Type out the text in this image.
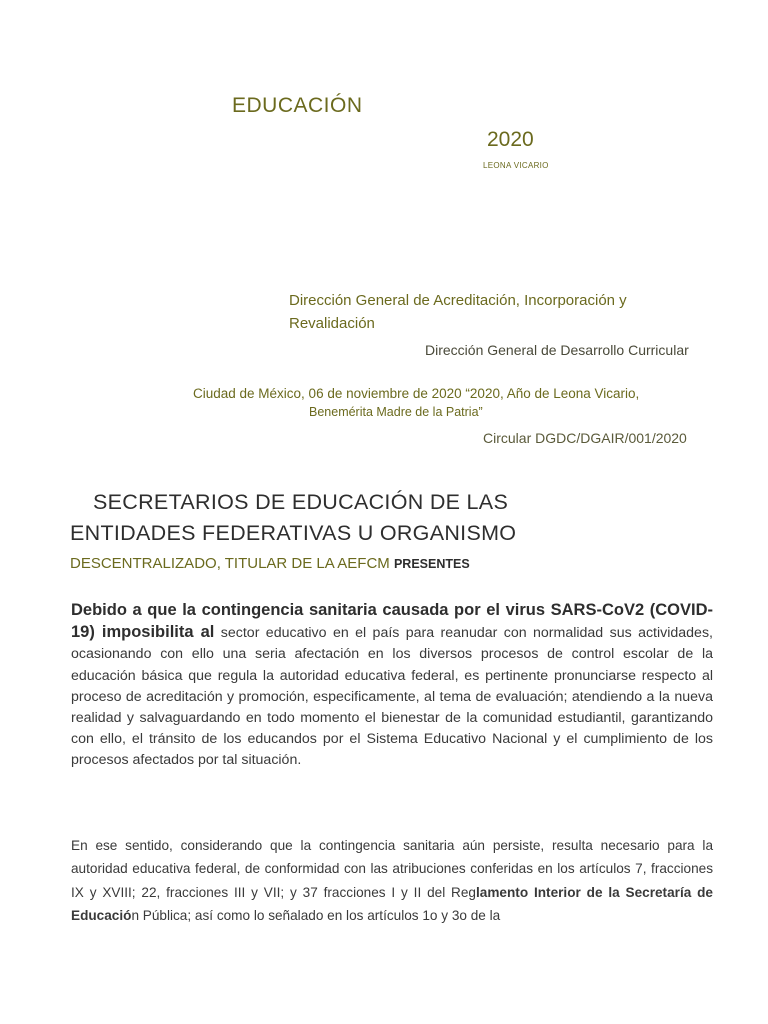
EDUCACIÓN
2020
LEONA VICARIO
Dirección General de Acreditación, Incorporación y
Revalidación
Dirección General de Desarrollo Curricular
Ciudad de México, 06 de noviembre de 2020 “2020, Año de Leona Vicario,
Benemérita Madre de la Patria”
Circular DGDC/DGAIR/001/2020
SECRETARIOS DE EDUCACIÓN DE LAS
ENTIDADES FEDERATIVAS U ORGANISMO
DESCENTRALIZADO, TITULAR DE LA AEFCM PRESENTES
Debido a que la contingencia sanitaria causada por el virus SARS-CoV2 (COVID-19) imposibilita al sector educativo en el país para reanudar con normalidad sus actividades, ocasionando con ello una seria afectación en los diversos procesos de control escolar de la educación básica que regula la autoridad educativa federal, es pertinente pronunciarse respecto al proceso de acreditación y promoción, especificamente, al tema de evaluación; atendiendo a la nueva realidad y salvaguardando en todo momento el bienestar de la comunidad estudiantil, garantizando con ello, el tránsito de los educandos por el Sistema Educativo Nacional y el cumplimiento de los procesos afectados por tal situación.
En ese sentido, considerando que la contingencia sanitaria aún persiste, resulta necesario para la autoridad educativa federal, de conformidad con las atribuciones conferidas en los artículos 7, fracciones IX y XVIII; 22, fracciones III y VII; y 37 fracciones I y II del Reglamento Interior de la Secretaría de Educación Pública; así como lo señalado en los artículos 1o y 3o de la
